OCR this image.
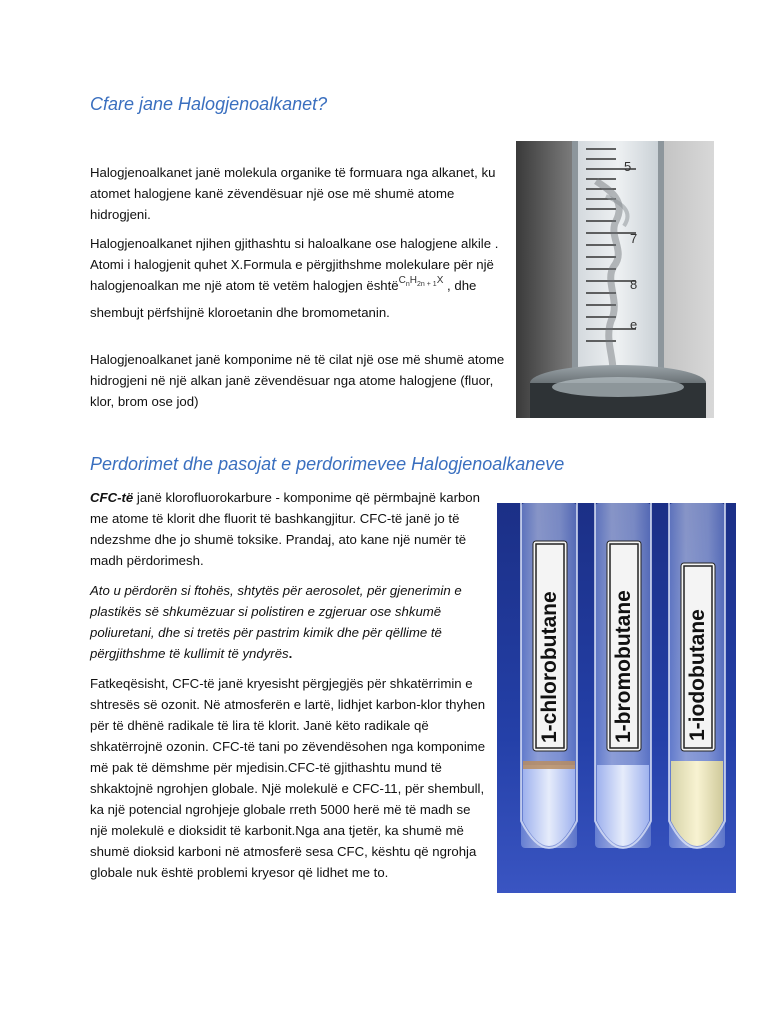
Cfare jane Halogjenoalkanet?

Halogjenoalkanet janë molekula organike të formuara nga alkanet, ku atomet halogjene kanë zëvendësuar një ose më shumë atome hidrogjeni.

Halogjenoalkanet njihen gjithashtu si haloalkane ose halogjene alkile . Atomi i halogjenit quhet X.Formula e përgjithshme molekulare për një halogjenoalkan me një atom të vetëm halogjen është$^{C_nH_{2n + 1}X}$ , dhe shembujt përfshijnë kloroetanin dhe bromometanin.

Halogjenoalkanet janë komponime në të cilat një ose më shumë atome hidrogjeni në një alkan janë zëvendësuar nga atome halogjene (fluor, klor, brom ose jod)

5
7
8
e
Perdorimet dhe pasojat e perdorimevee Halogjenoalkaneve

CFC-të janë klorofluorokarbure - komponime që përmbajnë karbon me atome të klorit dhe fluorit të bashkangjitur. CFC-të janë jo të ndezshme dhe jo shumë toksike. Prandaj, ato kane një numër të madh përdorimesh.

Ato u përdorën si ftohës, shtytës për aerosolet, për gjenerimin e plastikës së shkumëzuar si polistiren e zgjeruar ose shkumë poliuretani, dhe si tretës për pastrim kimik dhe për qëllime të përgjithshme të kullimit të yndyrës.

Fatkeqësisht, CFC-të janë kryesisht përgjegjës për shkatërrimin e shtresës së ozonit. Në atmosferën e lartë, lidhjet karbon-klor thyhen për të dhënë radikale të lira të klorit. Janë këto radikale që shkatërrojnë ozonin. CFC-të tani po zëvendësohen nga komponime më pak të dëmshme për mjedisin.CFC-të gjithashtu mund të shkaktojnë ngrohjen globale. Një molekulë e CFC-11, për shembull, ka një potencial ngrohjeje globale rreth 5000 herë më të madh se një molekulë e dioksidit të karbonit.Nga ana tjetër, ka shumë më shumë dioksid karboni në atmosferë sesa CFC, kështu që ngrohja globale nuk është problemi kryesor që lidhet me to.

1-chlorobutane 1-bromobutane 1-iodobutane
